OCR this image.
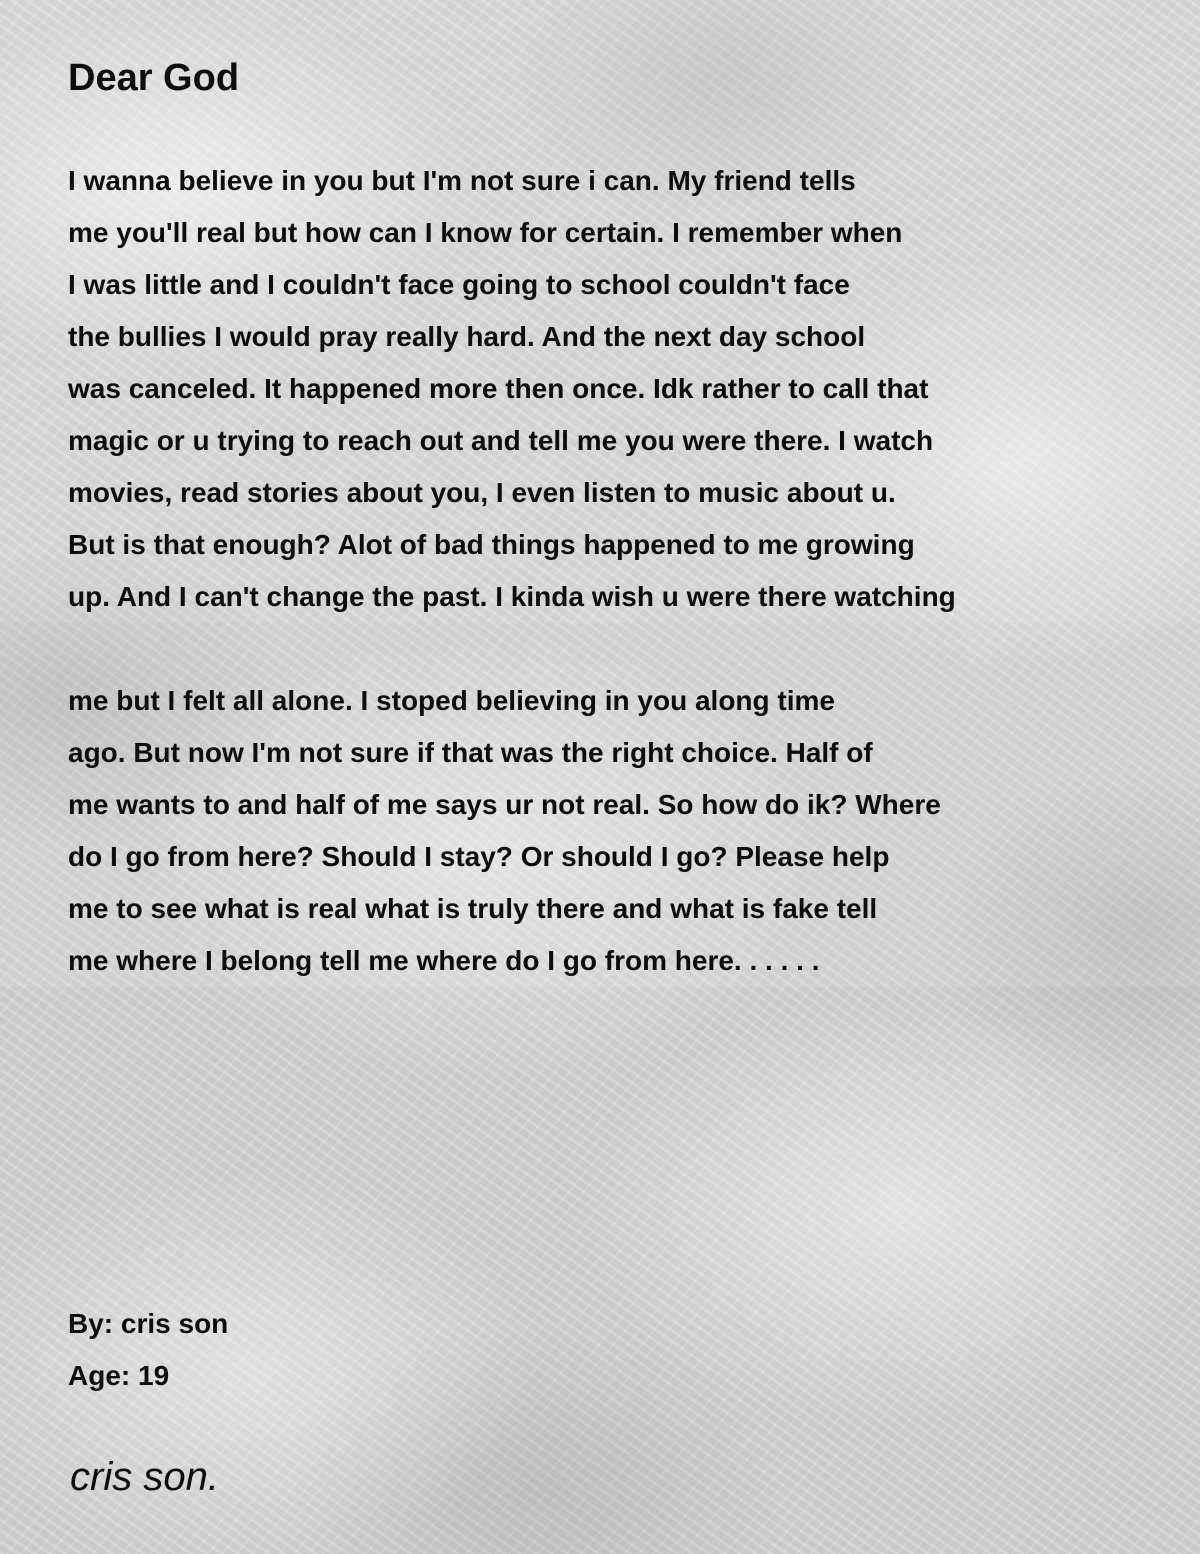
Dear God
I wanna believe in you but I'm not sure i can. My friend tells
me you'll real but how can I know for certain. I remember when
I was little and I couldn't face going to school couldn't face
the bullies I would pray really hard. And the next day school
was canceled. It happened more then once. Idk rather to call that
magic or u trying to reach out and tell me you were there. I watch
movies, read stories about you, I even listen to music about u.
But is that enough? Alot of bad things happened to me growing
up. And I can't change the past. I kinda wish u were there watching
me but I felt all alone. I stoped believing in you along time
ago. But now I'm not sure if that was the right choice. Half of
me wants to and half of me says ur not real. So how do ik? Where
do I go from here? Should I stay? Or should I go? Please help
me to see what is real what is truly there and what is fake tell
me where I belong tell me where do I go from here. . . . . .
By: cris son
Age: 19
cris son.
